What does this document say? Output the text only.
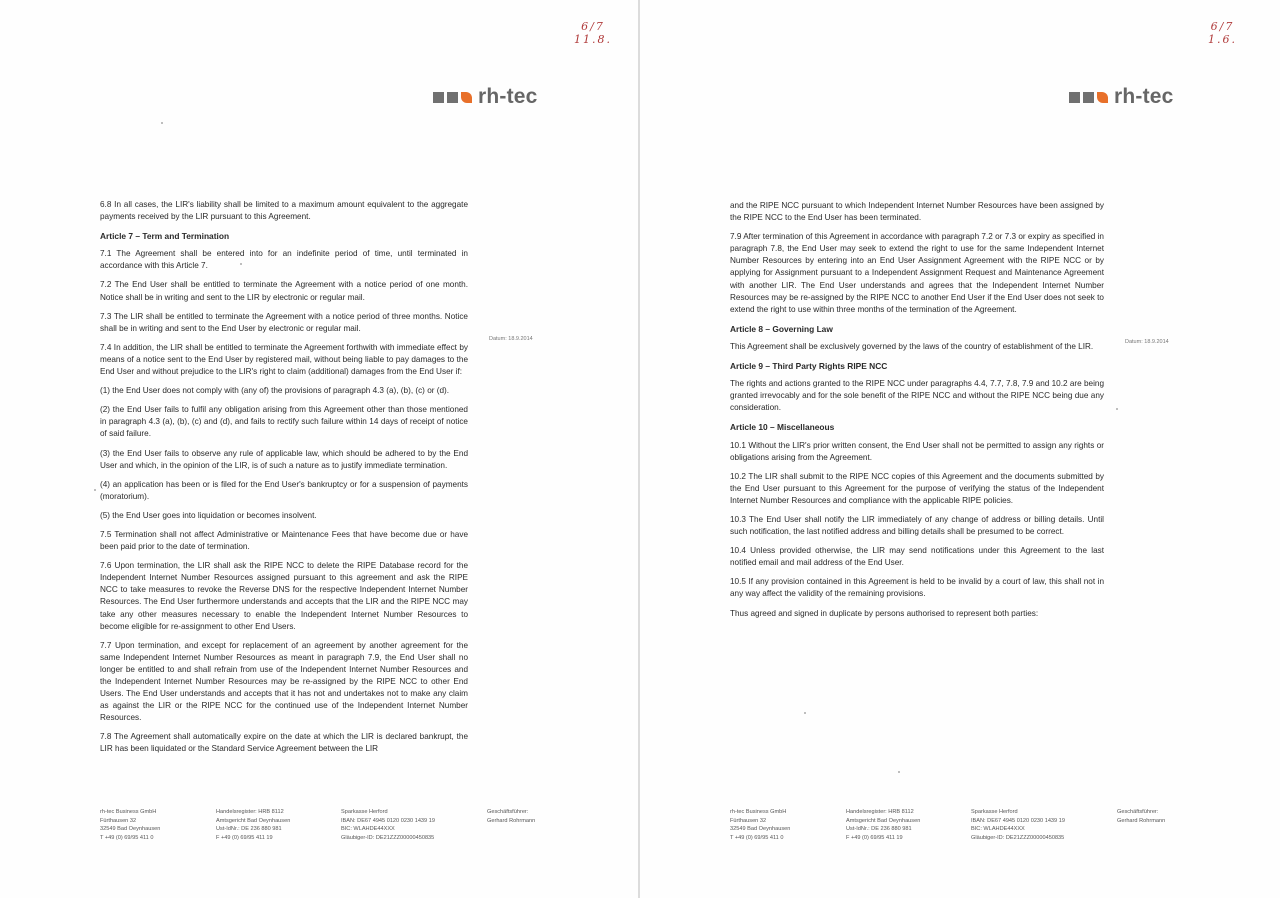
6/7
11.8.
rh-tec
Datum: 18.9.2014

6.8 In all cases, the LIR's liability shall be limited to a maximum amount equivalent to the aggregate payments received by the LIR pursuant to this Agreement.

Article 7 – Term and Termination

7.1 The Agreement shall be entered into for an indefinite period of time, until terminated in accordance with this Article 7.

7.2 The End User shall be entitled to terminate the Agreement with a notice period of one month. Notice shall be in writing and sent to the LIR by electronic or regular mail.

7.3 The LIR shall be entitled to terminate the Agreement with a notice period of three months. Notice shall be in writing and sent to the End User by electronic or regular mail.

7.4 In addition, the LIR shall be entitled to terminate the Agreement forthwith with immediate effect by means of a notice sent to the End User by registered mail, without being liable to pay damages to the End User and without prejudice to the LIR's right to claim (additional) damages from the End User if:

(1) the End User does not comply with (any of) the provisions of paragraph 4.3 (a), (b), (c) or (d).

(2) the End User fails to fulfil any obligation arising from this Agreement other than those mentioned in paragraph 4.3 (a), (b), (c) and (d), and fails to rectify such failure within 14 days of receipt of notice of said failure.

(3) the End User fails to observe any rule of applicable law, which should be adhered to by the End User and which, in the opinion of the LIR, is of such a nature as to justify immediate termination.

(4) an application has been or is filed for the End User's bankruptcy or for a suspension of payments (moratorium).

(5) the End User goes into liquidation or becomes insolvent.

7.5 Termination shall not affect Administrative or Maintenance Fees that have become due or have been paid prior to the date of termination.

7.6 Upon termination, the LIR shall ask the RIPE NCC to delete the RIPE Database record for the Independent Internet Number Resources assigned pursuant to this agreement and ask the RIPE NCC to take measures to revoke the Reverse DNS for the respective Independent Internet Number Resources. The End User furthermore understands and accepts that the LIR and the RIPE NCC may take any other measures necessary to enable the Independent Internet Number Resources to become eligible for re-assignment to other End Users.

7.7 Upon termination, and except for replacement of an agreement by another agreement for the same Independent Internet Number Resources as meant in paragraph 7.9, the End User shall no longer be entitled to and shall refrain from use of the Independent Internet Number Resources and the Independent Internet Number Resources may be re-assigned by the RIPE NCC to other End Users. The End User understands and accepts that it has not and undertakes not to make any claim as against the LIR or the RIPE NCC for the continued use of the Independent Internet Number Resources.

7.8 The Agreement shall automatically expire on the date at which the LIR is declared bankrupt, the LIR has been liquidated or the Standard Service Agreement between the LIR

rh-tec Business GmbH
Fürthausen 32
32549 Bad Oeynhausen
T +49 (0) 69/95 411 0
Handelsregister: HRB 8112
Amtsgericht Bad Oeynhausen
Ust-IdNr.: DE 236 880 981
F +49 (0) 69/95 411 19
Sparkasse Herford
IBAN: DE67 4945 0120 0230 1439 19
BIC: WLAHDE44XXX
Gläubiger-ID: DE21ZZZ00000450835
Geschäftsführer:
Gerhard Rohrmann
6/7
1.6.
rh-tec
Datum: 18.9.2014

and the RIPE NCC pursuant to which Independent Internet Number Resources have been assigned by the RIPE NCC to the End User has been terminated.

7.9 After termination of this Agreement in accordance with paragraph 7.2 or 7.3 or expiry as specified in paragraph 7.8, the End User may seek to extend the right to use for the same Independent Internet Number Resources by entering into an End User Assignment Agreement with the RIPE NCC or by applying for Assignment pursuant to a Independent Assignment Request and Maintenance Agreement with another LIR. The End User understands and agrees that the Independent Internet Number Resources may be re-assigned by the RIPE NCC to another End User if the End User does not seek to extend the right to use within three months of the termination of the Agreement.

Article 8 – Governing Law

This Agreement shall be exclusively governed by the laws of the country of establishment of the LIR.

Article 9 – Third Party Rights RIPE NCC

The rights and actions granted to the RIPE NCC under paragraphs 4.4, 7.7, 7.8, 7.9 and 10.2 are being granted irrevocably and for the sole benefit of the RIPE NCC and without the RIPE NCC being due any consideration.

Article 10 – Miscellaneous

10.1 Without the LIR's prior written consent, the End User shall not be permitted to assign any rights or obligations arising from the Agreement.

10.2 The LIR shall submit to the RIPE NCC copies of this Agreement and the documents submitted by the End User pursuant to this Agreement for the purpose of verifying the status of the Independent Internet Number Resources and compliance with the applicable RIPE policies.

10.3 The End User shall notify the LIR immediately of any change of address or billing details. Until such notification, the last notified address and billing details shall be presumed to be correct.

10.4 Unless provided otherwise, the LIR may send notifications under this Agreement to the last notified email and mail address of the End User.

10.5 If any provision contained in this Agreement is held to be invalid by a court of law, this shall not in any way affect the validity of the remaining provisions.

Thus agreed and signed in duplicate by persons authorised to represent both parties:

rh-tec Business GmbH
Fürthausen 32
32549 Bad Oeynhausen
T +49 (0) 69/95 411 0
Handelsregister: HRB 8112
Amtsgericht Bad Oeynhausen
Ust-IdNr.: DE 236 880 981
F +49 (0) 69/95 411 19
Sparkasse Herford
IBAN: DE67 4945 0120 0230 1439 19
BIC: WLAHDE44XXX
Gläubiger-ID: DE21ZZZ00000450835
Geschäftsführer:
Gerhard Rohrmann
